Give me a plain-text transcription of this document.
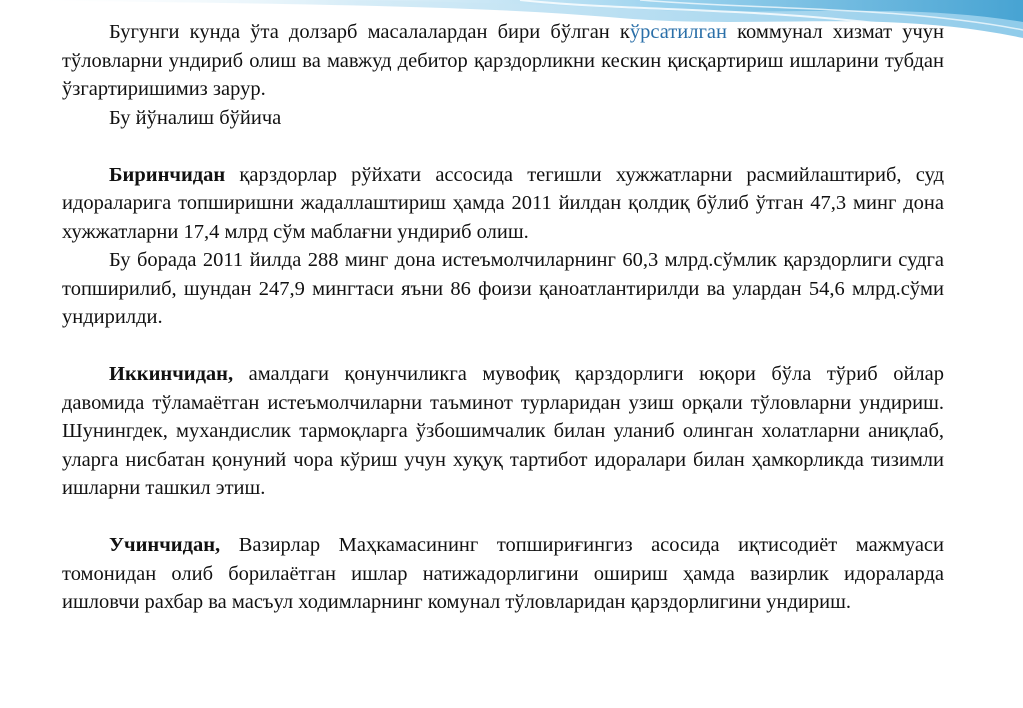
Бугунги кунда ўта долзарб масалалардан бири бўлган кўрсатилган коммунал хизмат учун тўловларни ундириб олиш ва мавжуд дебитор қарздорликни кескин қисқартириш ишларини тубдан ўзгартиришимиз зарур.

Бу йўналиш бўйича

Биринчидан қарздорлар рўйхати ассосида тегишли хужжатларни расмийлаштириб, суд идораларига топширишни жадаллаштириш ҳамда 2011 йилдан қолдиқ бўлиб ўтган 47,3 минг дона хужжатларни 17,4 млрд сўм маблағни ундириб олиш.

Бу борада 2011 йилда 288 минг дона истеъмолчиларнинг 60,3 млрд.сўмлик қарздорлиги судга топширилиб, шундан 247,9 мингтаси яъни 86 фоизи қаноатлантирилди ва улардан 54,6 млрд.сўми ундирилди.

Иккинчидан, амалдаги қонунчиликга мувофиқ қарздорлиги юқори бўла тўриб ойлар давомида тўламаётган истеъмолчиларни таъминот турларидан узиш орқали тўловларни ундириш. Шунингдек, мухандислик тармоқларга ўзбошимчалик билан уланиб олинган холатларни аниқлаб, уларга нисбатан қонуний чора кўриш учун хуқуқ тартибот идоралари билан ҳамкорликда тизимли ишларни ташкил этиш.

Учинчидан, Вазирлар Маҳкамасининг топшириғингиз асосида иқтисодиёт мажмуаси томонидан олиб борилаётган ишлар натижадорлигини ошириш ҳамда вазирлик идораларда ишловчи рахбар ва масъул ходимларнинг комунал тўловларидан қарздорлигини ундириш.
